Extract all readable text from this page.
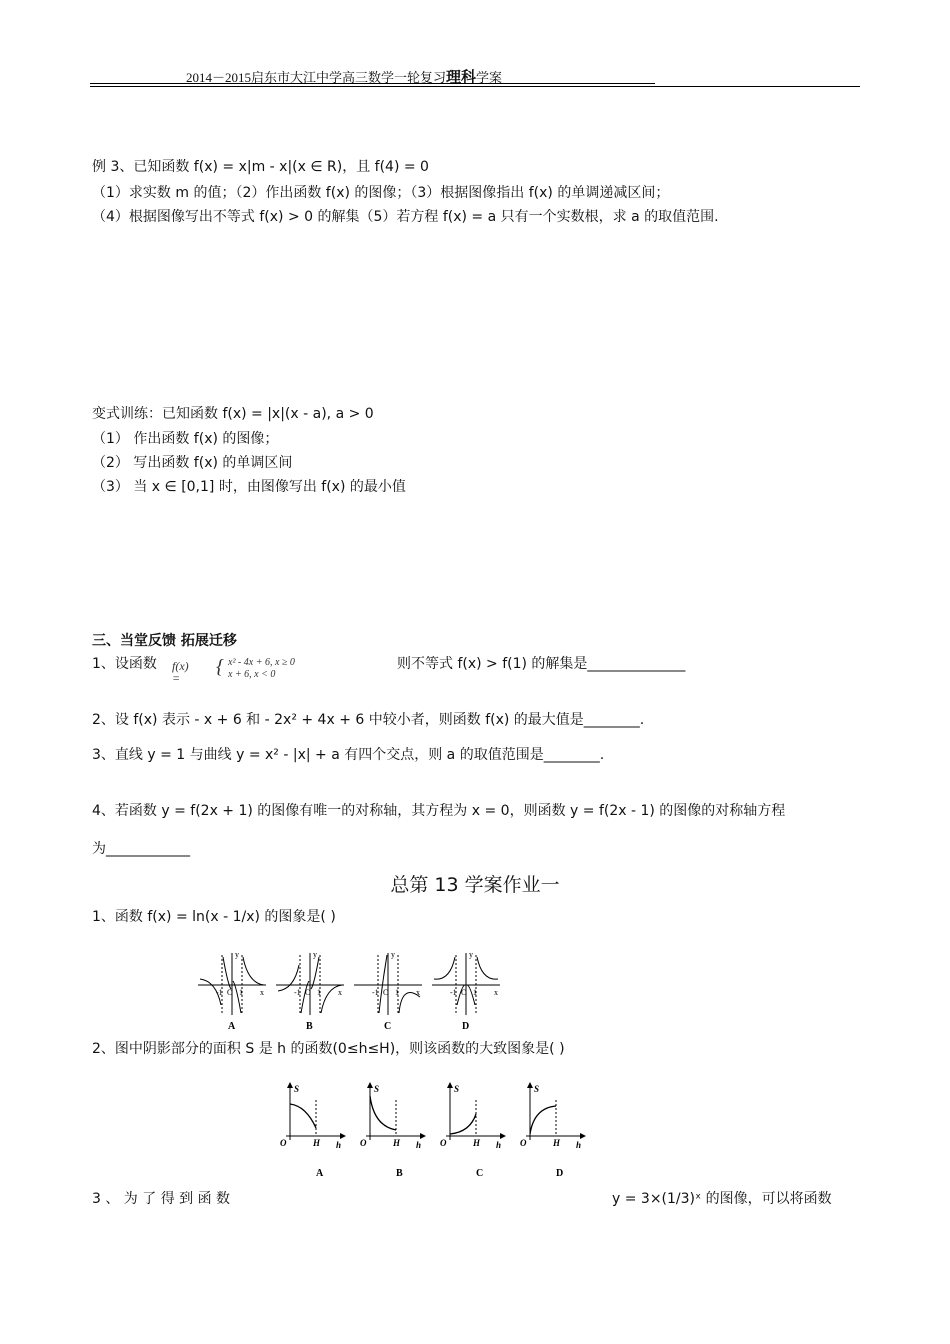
2014－2015启东市大江中学高三数学一轮复习理科学案
例 3、已知函数 f(x) = x|m - x|(x ∈ R)，且 f(4) = 0
（1）求实数 m 的值；（2）作出函数 f(x) 的图像；（3）根据图像指出 f(x) 的单调递减区间；
（4）根据图像写出不等式 f(x) > 0 的解集（5）若方程 f(x) = a 只有一个实数根，求 a 的取值范围.
变式训练：已知函数 f(x) = |x|(x - a), a > 0
（1） 作出函数 f(x) 的图像；
（2） 写出函数 f(x) 的单调区间
（3） 当 x ∈ [0,1] 时，由图像写出 f(x) 的最小值
三、当堂反馈 拓展迁移
1、设函数 f(x) =	{ x² - 4x + 6, x ≥ 0
x + 6, x < 0
则不等式 f(x) > f(1) 的解集是______________
2、设 f(x) 表示 - x + 6 和 - 2x² + 4x + 6 中较小者，则函数 f(x) 的最大值是________.
3、直线 y = 1 与曲线 y = x² - |x| + a 有四个交点，则 a 的取值范围是________.
4、若函数 y = f(2x + 1) 的图像有唯一的对称轴，其方程为 x = 0，则函数 y = f(2x - 1) 的图像的对称轴方程
为____________
总第 13 学案作业一
1、函数 f(x) = ln(x - 1/x) 的图象是( )
-1 O 1 x
y
A
-1 O 1 x
y
B
-1 O 1 x
y
C
-1 O 1 x
y
D
2、图中阴影部分的面积 S 是 h 的函数(0≤h≤H)，则该函数的大致图象是( )
S
O	H h
A
S
O	H h
B
S
O	H h
C
S
O	H h
D
3 、 为 了 得 到 函 数	y = 3×(1/3)ˣ 的图像，可以将函数
